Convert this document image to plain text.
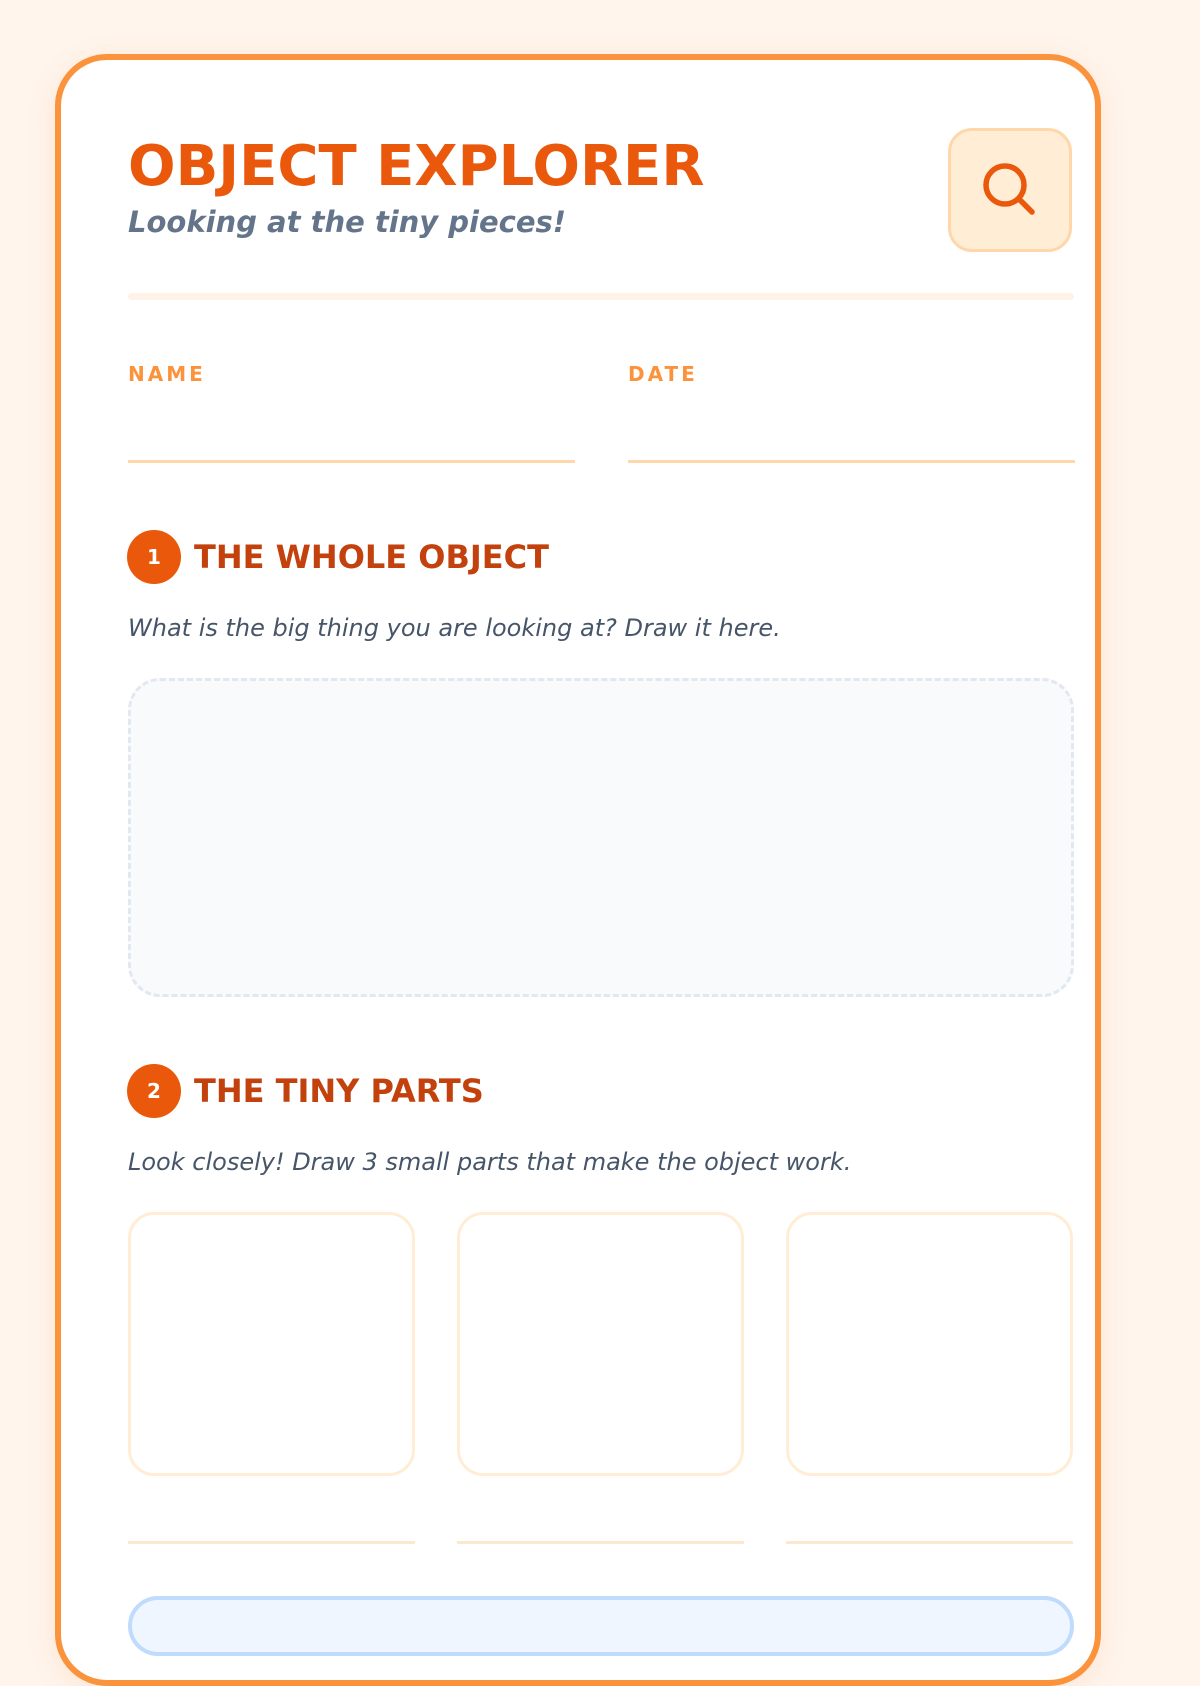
OBJECT EXPLORER

Looking at the tiny pieces!

NAME	DATE
1	THE WHOLE OBJECT

What is the big thing you are looking at? Draw it here.

2	THE TINY PARTS

Look closely! Draw 3 small parts that make the object work.
